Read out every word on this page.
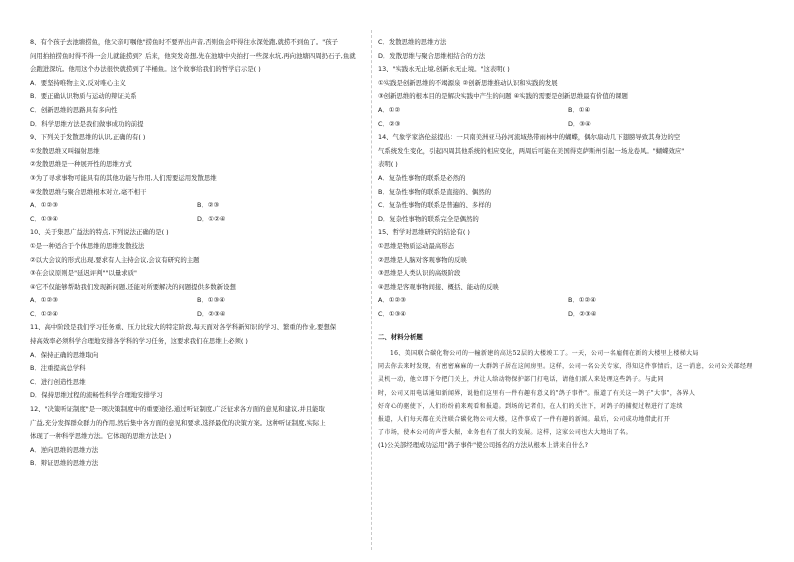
8、有个孩子去池塘捞鱼，他父亲叮嘱他"捞鱼时不要弄出声音,否则鱼会吓得往水深处跑,就捞不到鱼了。"孩子
问用拍拍捞鱼时得不得一会儿就能捞到？后来，他突发奇想,先在池塘中央拍打一些深水坑,再向池塘四周扔石子,鱼就
会跑进深坑。他用这个办法很快就捞到了半桶鱼。这个故事给我们的哲学启示是( )
A．要坚持唯物主义,反对唯心主义
B．要正确认识物质与运动的辩证关系
C．创新思维的思路具有多向性
D．科学思维方法是我们做事成功的前提
9、下列关于发散思维的认识,正确的有( )
①发散思维又叫辐射思维
②发散思维是一种展开性的思维方式
③为了寻求事物可能具有的其他功能与作用,人们需要运用发散思维
④发散思维与聚合思维根本对立,毫不相干
A．①②③	B．②③
C．①③④	D．①②④
10、关于集思广益法的特点,下列说法正确的是( )
①是一种适合于个体思维的思维发散技法
②以大会议的形式出现,要求有人主持会议,会议有研究的主题
③在会议原则是"延迟评判""以量求质"
④它不仅能够帮助我们发现新问题,还能对所要解决的问题提供多数新设想
A．①②③	B．①③④
C．①②④	D．②③④
11、高中阶段是我们学习任务重、压力比较大的特定阶段,每天面对各学科新知识的学习、繁重的作业,要想保
持高效率必须科学合理地安排各学科的学习任务，这要求我们在思维上必须( )
A．保持正确的思维取向
B．注重提高总学科
C．进行创造性思维
D．保持思维过程的流畅性科学合理地安排学习
12、"决策听证制度"是一项决策制度中的重要途径,通过听证制度,广泛征求各方面的意见和建议,并且能取
广益,充分发挥群众群力的作用,然后集中各方面的意见和要求,选择最优的决策方案。这种听证制度,实际上
体现了一种科学思维方法。它体现的思维方法是( )
A．逆向思维的思维方法
B．辩证思维的思维方法
C．发散思维的思维方法
D．发散思维与聚合思维相结合的方法
13、"实践永无止境,创新永无止境。"这表明( )
①实践是创新思维的不竭源泉 ②创新思维推动认识和实践的发展
③创新思维的根本目的是解决实践中产生的问题 ④实践的需要是创新思维最有价值的课题
A．①②	B．①④
C．②③	D．③④
14、气象学家洛伦兹提出：一只南美洲亚马孙河流域热带雨林中的蝴蝶，偶尔扇动几下翅膀导致其身边的空
气系统发生变化，引起四周其他系统的相应变化，两周后可能在美国得克萨斯州引起一场龙卷风。"蝴蝶效应"
表明( )
A．复杂性事物的联系是必然的
B．复杂性事物的联系是直接的、偶然的
C．复杂性事物的联系是普遍的、多样的
D．复杂性事物的联系完全是偶然的
15、哲学对思维研究的结论有( )
①思维是物质运动最高形态
②思维是人脑对客观事物的反映
③思维是人类认识的高级阶段
④思维是客观事物间接、概括、能动的反映
A．①②③	B．①②④
C．①③④	D．②③④
二、材料分析题
16、美国联合碳化物公司的一幢新建的高达52层的大楼竣工了。一天，公司一名雇佣在新的大楼里上楼梯大局
同去你去来时发现，有密密麻麻的一大群鸽子居在这间房里。这样，公司一名公关专家，得知这件事情后，这一消息，公司公关部经理
灵机一动，他立即下令把门关上，并让人给动物保护部门打电话，请他们派人来处理这些鸽子。与此同
时，公司又用电话通知新闻界，说他们这里有一件有趣有意义的"鸽子事件"。报道了有关这一鸽子"大事"，各界人
好奇心的驱使下，人们纷纷前来观看和报道。到场的记者们，在人们的关注下，对鸽子的捕捉过程进行了连续
报道，人们每天都在关注联合碳化物公司大楼，这件事成了一件有趣的新闻。最后，公司成功地借此打开
了市场，使本公司的声誉大振，业务也有了很大的发展。这样，这家公司也大大地出了名。
(1)公关部经理成功运用"鸽子事件"使公司扬名的方法从根本上讲来自什么?
